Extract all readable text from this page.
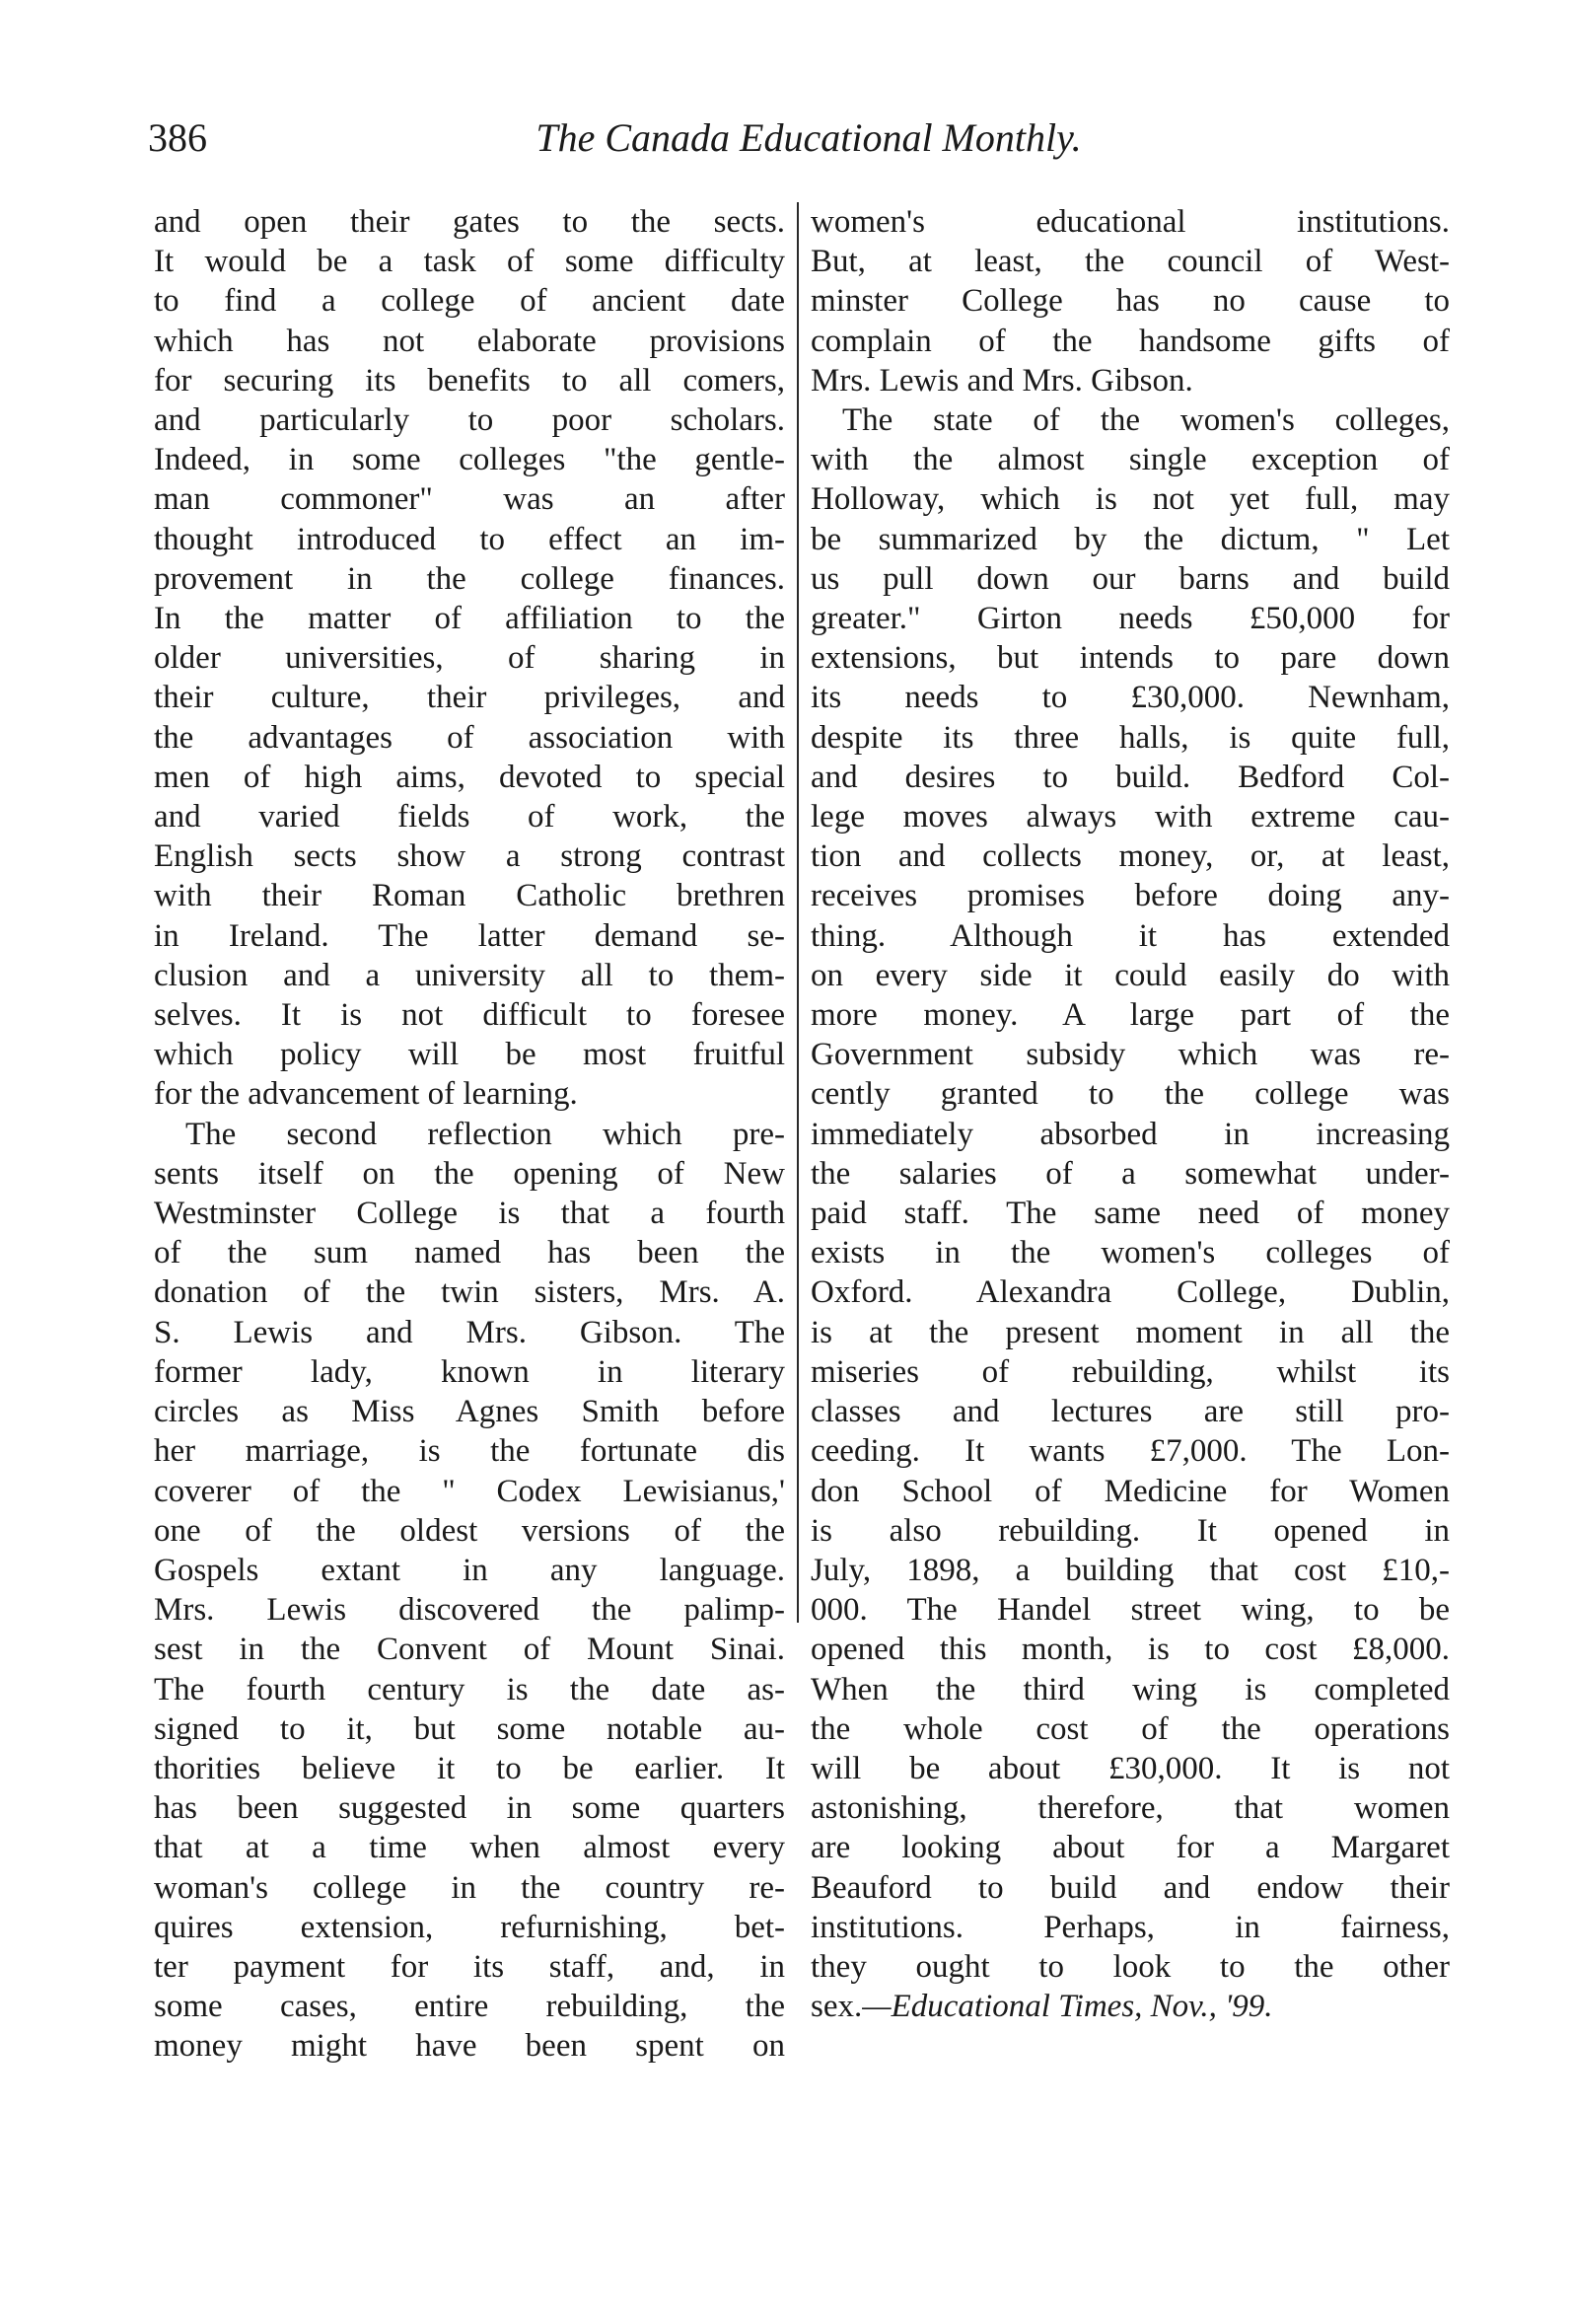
386	The Canada Educational Monthly.
and open their gates to the sects.
It would be a task of some difficulty
to find a college of ancient date
which has not elaborate provisions
for securing its benefits to all comers,
and particularly to poor scholars.
Indeed, in some colleges "the gentle-
man commoner" was an after
thought introduced to effect an im-
provement in the college finances.
In the matter of affiliation to the
older universities, of sharing in
their culture, their privileges, and
the advantages of association with
men of high aims, devoted to special
and varied fields of work, the
English sects show a strong contrast
with their Roman Catholic brethren
in Ireland. The latter demand se-
clusion and a university all to them-
selves. It is not difficult to foresee
which policy will be most fruitful
for the advancement of learning.
The second reflection which pre-
sents itself on the opening of New
Westminster College is that a fourth
of the sum named has been the
donation of the twin sisters, Mrs. A.
S. Lewis and Mrs. Gibson. The
former lady, known in literary
circles as Miss Agnes Smith before
her marriage, is the fortunate dis
coverer of the " Codex Lewisianus,'
one of the oldest versions of the
Gospels extant in any language.
Mrs. Lewis discovered the palimp-
sest in the Convent of Mount Sinai.
The fourth century is the date as-
signed to it, but some notable au-
thorities believe it to be earlier. It
has been suggested in some quarters
that at a time when almost every
woman's college in the country re-
quires extension, refurnishing, bet-
ter payment for its staff, and, in
some cases, entire rebuilding, the
money might have been spent on
women's educational institutions.
But, at least, the council of West-
minster College has no cause to
complain of the handsome gifts of
Mrs. Lewis and Mrs. Gibson.
The state of the women's colleges,
with the almost single exception of
Holloway, which is not yet full, may
be summarized by the dictum, " Let
us pull down our barns and build
greater." Girton needs £50,000 for
extensions, but intends to pare down
its needs to £30,000. Newnham,
despite its three halls, is quite full,
and desires to build. Bedford Col-
lege moves always with extreme cau-
tion and collects money, or, at least,
receives promises before doing any-
thing. Although it has extended
on every side it could easily do with
more money. A large part of the
Government subsidy which was re-
cently granted to the college was
immediately absorbed in increasing
the salaries of a somewhat under-
paid staff. The same need of money
exists in the women's colleges of
Oxford. Alexandra College, Dublin,
is at the present moment in all the
miseries of rebuilding, whilst its
classes and lectures are still pro-
ceeding. It wants £7,000. The Lon-
don School of Medicine for Women
is also rebuilding. It opened in
July, 1898, a building that cost £10,-
000. The Handel street wing, to be
opened this month, is to cost £8,000.
When the third wing is completed
the whole cost of the operations
will be about £30,000. It is not
astonishing, therefore, that women
are looking about for a Margaret
Beauford to build and endow their
institutions. Perhaps, in fairness,
they ought to look to the other
sex.—Educational Times, Nov., '99.
